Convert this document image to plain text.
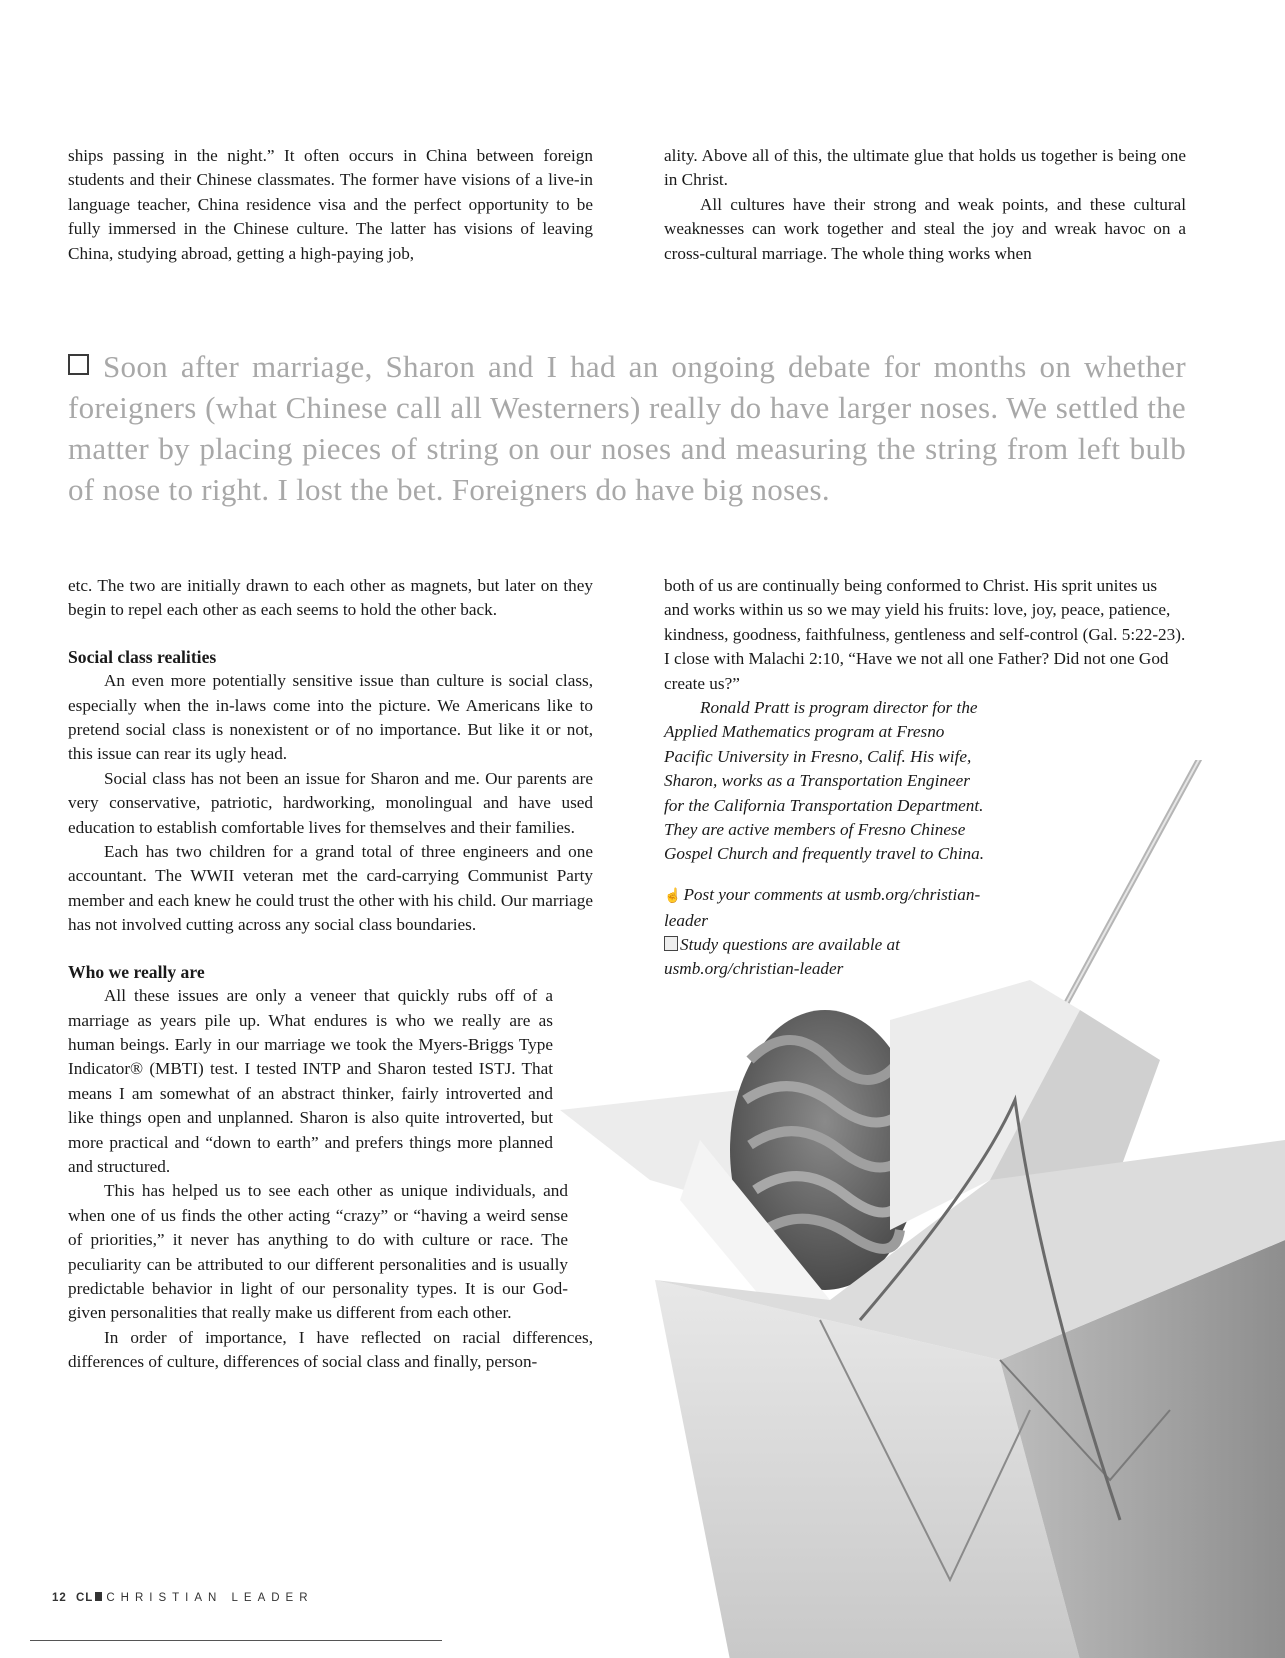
ships passing in the night.” It often occurs in China between foreign students and their Chinese classmates. The former have visions of a live-in language teacher, China residence visa and the perfect opportunity to be fully immersed in the Chinese culture. The latter has visions of leaving China, studying abroad, getting a high-paying job,

ality. Above all of this, the ultimate glue that holds us together is being one in Christ.

All cultures have their strong and weak points, and these cultural weaknesses can work together and steal the joy and wreak havoc on a cross-cultural marriage. The whole thing works when

Soon after marriage, Sharon and I had an ongoing debate for months on whether foreigners (what Chinese call all Westerners) really do have larger noses. We settled the matter by placing pieces of string on our noses and measuring the string from left bulb of nose to right. I lost the bet. Foreigners do have big noses.

etc. The two are initially drawn to each other as magnets, but later on they begin to repel each other as each seems to hold the other back.

Social class realities

An even more potentially sensitive issue than culture is social class, especially when the in-laws come into the picture. We Americans like to pretend social class is nonexistent or of no importance. But like it or not, this issue can rear its ugly head.

Social class has not been an issue for Sharon and me. Our parents are very conservative, patriotic, hardworking, monolingual and have used education to establish comfortable lives for themselves and their families.

Each has two children for a grand total of three engineers and one accountant. The WWII veteran met the card-carrying Communist Party member and each knew he could trust the other with his child. Our marriage has not involved cutting across any social class boundaries.

Who we really are

All these issues are only a veneer that quickly rubs off of a marriage as years pile up. What endures is who we really are as human beings. Early in our marriage we took the Myers-Briggs Type Indicator® (MBTI) test. I tested INTP and Sharon tested ISTJ. That means I am somewhat of an abstract thinker, fairly introverted and like things open and unplanned. Sharon is also quite introverted, but more practical and “down to earth” and prefers things more planned and structured.

This has helped us to see each other as unique individuals, and when one of us finds the other acting “crazy” or “having a weird sense of priorities,” it never has anything to do with culture or race. The peculiarity can be attributed to our different personalities and is usually predictable behavior in light of our personality types. It is our God-given personalities that really make us different from each other.

In order of importance, I have reflected on racial differences, differences of culture, differences of social class and finally, person-

both of us are continually being conformed to Christ. His sprit unites us and works within us so we may yield his fruits: love, joy, peace, patience, kindness, goodness, faithfulness, gentleness and self-control (Gal. 5:22-23). I close with Malachi 2:10, “Have we not all one Father? Did not one God create us?”

Ronald Pratt is program director for the Applied Mathematics program at Fresno Pacific University in Fresno, Calif. His wife, Sharon, works as a Transportation Engineer for the California Transportation Department. They are active members of Fresno Chinese Gospel Church and frequently travel to China.

☝ Post your comments at usmb.org/christian-leader
Study questions are available at usmb.org/christian-leader
12 CL CHRISTIAN LEADER
